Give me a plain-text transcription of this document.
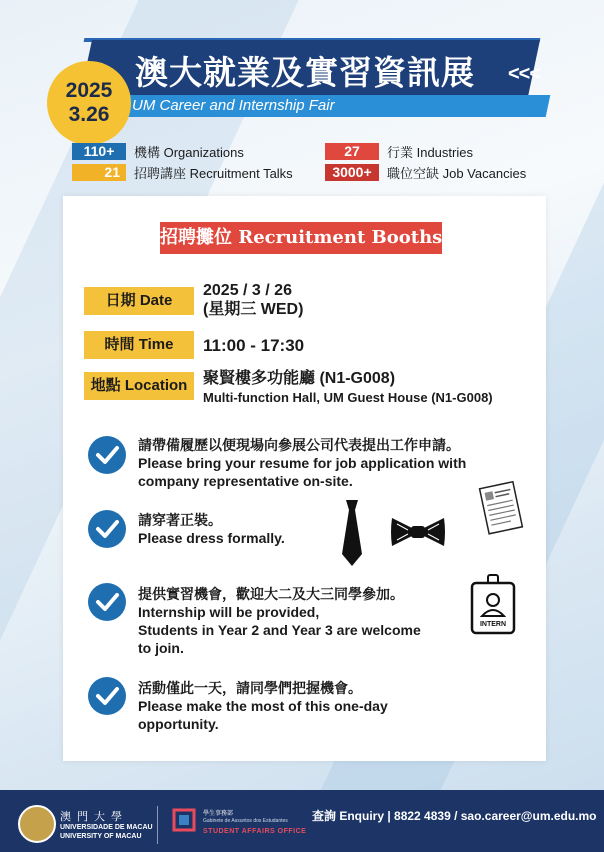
澳大就業及實習資訊展 <<<
UM Career and Internship Fair
2025
3.26
110+	機構 Organizations
21	招聘講座 Recruitment Talks
27	行業 Industries
3000+	職位空缺 Job Vacancies
招聘攤位 Recruitment Booths
日期 Date
2025 / 3 / 26
(星期三 WED)
時間 Time	11:00 - 17:30
地點 Location 聚賢樓多功能廳 (N1-G008)
Multi-function Hall, UM Guest House (N1-G008)
請帶備履歷以便現場向參展公司代表提出工作申請。
Please bring your resume for job application with
company representative on-site.
請穿著正裝。
Please dress formally.
提供實習機會，歡迎大二及大三同學參加。
Internship will be provided,
Students in Year 2 and Year 3 are welcome
to join.
活動僅此一天，請同學們把握機會。
Please make the most of this one-day
opportunity.
INTERN
澳門大學
UNIVERSIDADE DE MACAU
UNIVERSITY OF MACAU
學生事務部
Gabinete de Assuntos dos Estudantes
STUDENT AFFAIRS OFFICE
查詢 Enquiry | 8822 4839 / sao.career@um.edu.mo
